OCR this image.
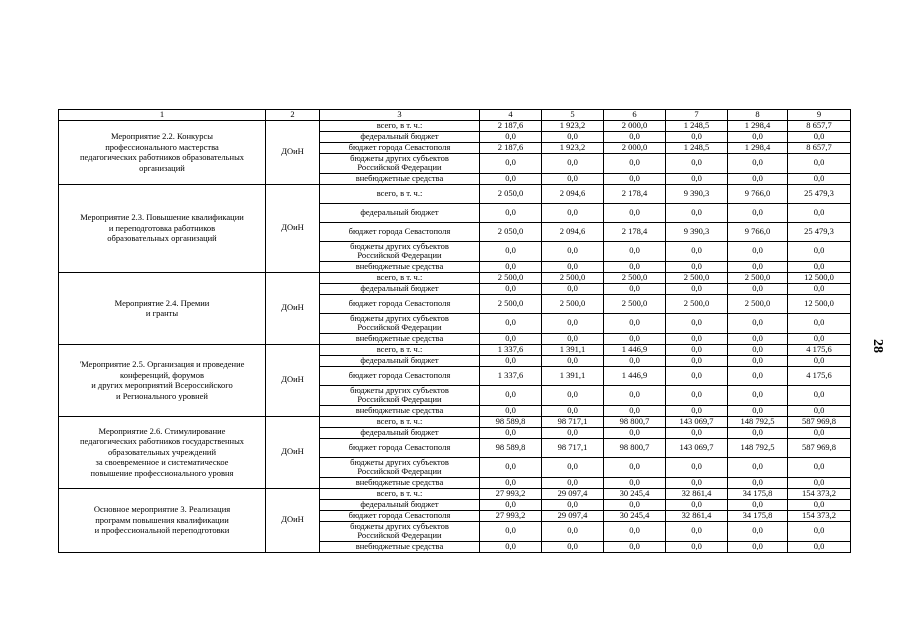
1	2	3	4	5	6	7	8	9
Мероприятие 2.2. Конкурсы
профессионального мастерства
педагогических работников образовательных
организаций	ДОиН	всего, в т. ч.:	2 187,6	1 923,2	2 000,0	1 248,5	1 298,4	8 657,7
		федеральный бюджет	0,0	0,0	0,0	0,0	0,0	0,0
		бюджет города Севастополя	2 187,6	1 923,2	2 000,0	1 248,5	1 298,4	8 657,7
		бюджеты других субъектов
Российской Федерации	0,0	0,0	0,0	0,0	0,0	0,0
		внебюджетные средства	0,0	0,0	0,0	0,0	0,0	0,0
Мероприятие 2.3. Повышение квалификации
и переподготовка работников
образовательных организаций	ДОиН	всего, в т. ч.:	2 050,0	2 094,6	2 178,4	9 390,3	9 766,0	25 479,3
		федеральный бюджет	0,0	0,0	0,0	0,0	0,0	0,0
		бюджет города Севастополя	2 050,0	2 094,6	2 178,4	9 390,3	9 766,0	25 479,3
		бюджеты других субъектов
Российской Федерации	0,0	0,0	0,0	0,0	0,0	0,0
		внебюджетные средства	0,0	0,0	0,0	0,0	0,0	0,0
Мероприятие 2.4. Премии
и гранты	ДОиН	всего, в т. ч.:	2 500,0	2 500,0	2 500,0	2 500,0	2 500,0	12 500,0
		федеральный бюджет	0,0	0,0	0,0	0,0	0,0	0,0
		бюджет города Севастополя	2 500,0	2 500,0	2 500,0	2 500,0	2 500,0	12 500,0
		бюджеты других субъектов
Российской Федерации	0,0	0,0	0,0	0,0	0,0	0,0
		внебюджетные средства	0,0	0,0	0,0	0,0	0,0	0,0
'Мероприятие 2.5. Организация и проведение
конференций, форумов
и других мероприятий Всероссийского
и Регионального уровней	ДОиН	всего, в т. ч.:	1 337,6	1 391,1	1 446,9	0,0	0,0	4 175,6
		федеральный бюджет	0,0	0,0	0,0	0,0	0,0	0,0
		бюджет города Севастополя	1 337,6	1 391,1	1 446,9	0,0	0,0	4 175,6
		бюджеты других субъектов
Российской Федерации	0,0	0,0	0,0	0,0	0,0	0,0
		внебюджетные средства	0,0	0,0	0,0	0,0	0,0	0,0
Мероприятие 2.6. Стимулирование
педагогических работников государственных
образовательных учреждений
за своевременное и систематическое
повышение профессионального уровня	ДОиН	всего, в т. ч.:	98 589,8	98 717,1	98 800,7	143 069,7	148 792,5	587 969,8
		федеральный бюджет	0,0	0,0	0,0	0,0	0,0	0,0
		бюджет города Севастополя	98 589,8	98 717,1	98 800,7	143 069,7	148 792,5	587 969,8
		бюджеты других субъектов
Российской Федерации	0,0	0,0	0,0	0,0	0,0	0,0
		внебюджетные средства	0,0	0,0	0,0	0,0	0,0	0,0
Основное мероприятие 3. Реализация
программ повышения квалификации
и профессиональной переподготовки	ДОиН	всего, в т. ч.:	27 993,2	29 097,4	30 245,4	32 861,4	34 175,8	154 373,2
		федеральный бюджет	0,0	0,0	0,0	0,0	0,0	0,0
		бюджет города Севастополя	27 993,2	29 097,4	30 245,4	32 861,4	34 175,8	154 373,2
		бюджеты других субъектов
Российской Федерации	0,0	0,0	0,0	0,0	0,0	0,0
		внебюджетные средства	0,0	0,0	0,0	0,0	0,0	0,0
28
